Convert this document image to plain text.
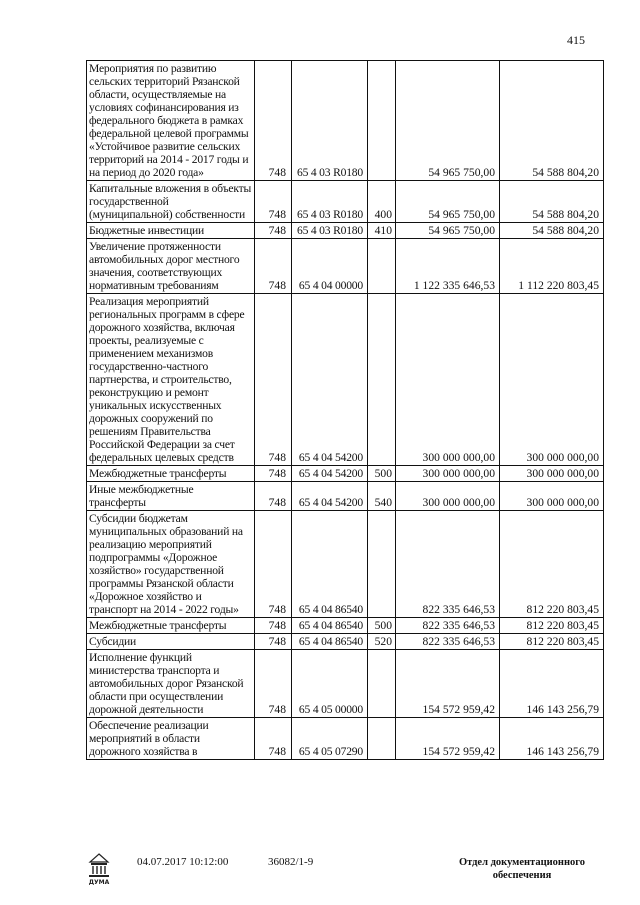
415
Мероприятия по развитию сельских территорий Рязанской области, осуществляемые на условиях софинансирования из федерального бюджета в рамках федеральной целевой программы «Устойчивое развитие сельских территорий на 2014 - 2017 годы и на период до 2020 года»	748	65 4 03 R0180		54 965 750,00	54 588 804,20
Капитальные вложения в объекты государственной (муниципальной) собственности	748	65 4 03 R0180	400	54 965 750,00	54 588 804,20
Бюджетные инвестиции	748	65 4 03 R0180	410	54 965 750,00	54 588 804,20
Увеличение протяженности автомобильных дорог местного значения, соответствующих нормативным требованиям	748	65 4 04 00000		1 122 335 646,53	1 112 220 803,45
Реализация мероприятий региональных программ в сфере дорожного хозяйства, включая проекты, реализуемые с применением механизмов государственно-частного партнерства, и строительство, реконструкцию и ремонт уникальных искусственных дорожных сооружений по решениям Правительства Российской Федерации за счет федеральных целевых средств	748	65 4 04 54200		300 000 000,00	300 000 000,00
Межбюджетные трансферты	748	65 4 04 54200	500	300 000 000,00	300 000 000,00
Иные межбюджетные трансферты	748	65 4 04 54200	540	300 000 000,00	300 000 000,00
Субсидии бюджетам муниципальных образований на реализацию мероприятий подпрограммы «Дорожное хозяйство» государственной программы Рязанской области «Дорожное хозяйство и транспорт на 2014 - 2022 годы»	748	65 4 04 86540		822 335 646,53	812 220 803,45
Межбюджетные трансферты	748	65 4 04 86540	500	822 335 646,53	812 220 803,45
Субсидии	748	65 4 04 86540	520	822 335 646,53	812 220 803,45
Исполнение функций министерства транспорта и автомобильных дорог Рязанской области при осуществлении дорожной деятельности	748	65 4 05 00000		154 572 959,42	146 143 256,79
Обеспечение реализации мероприятий в области дорожного хозяйства в	748	65 4 05 07290		154 572 959,42	146 143 256,79
ДУМА
04.07.2017 10:12:00	36082/1-9	Отдел документационного обеспечения
